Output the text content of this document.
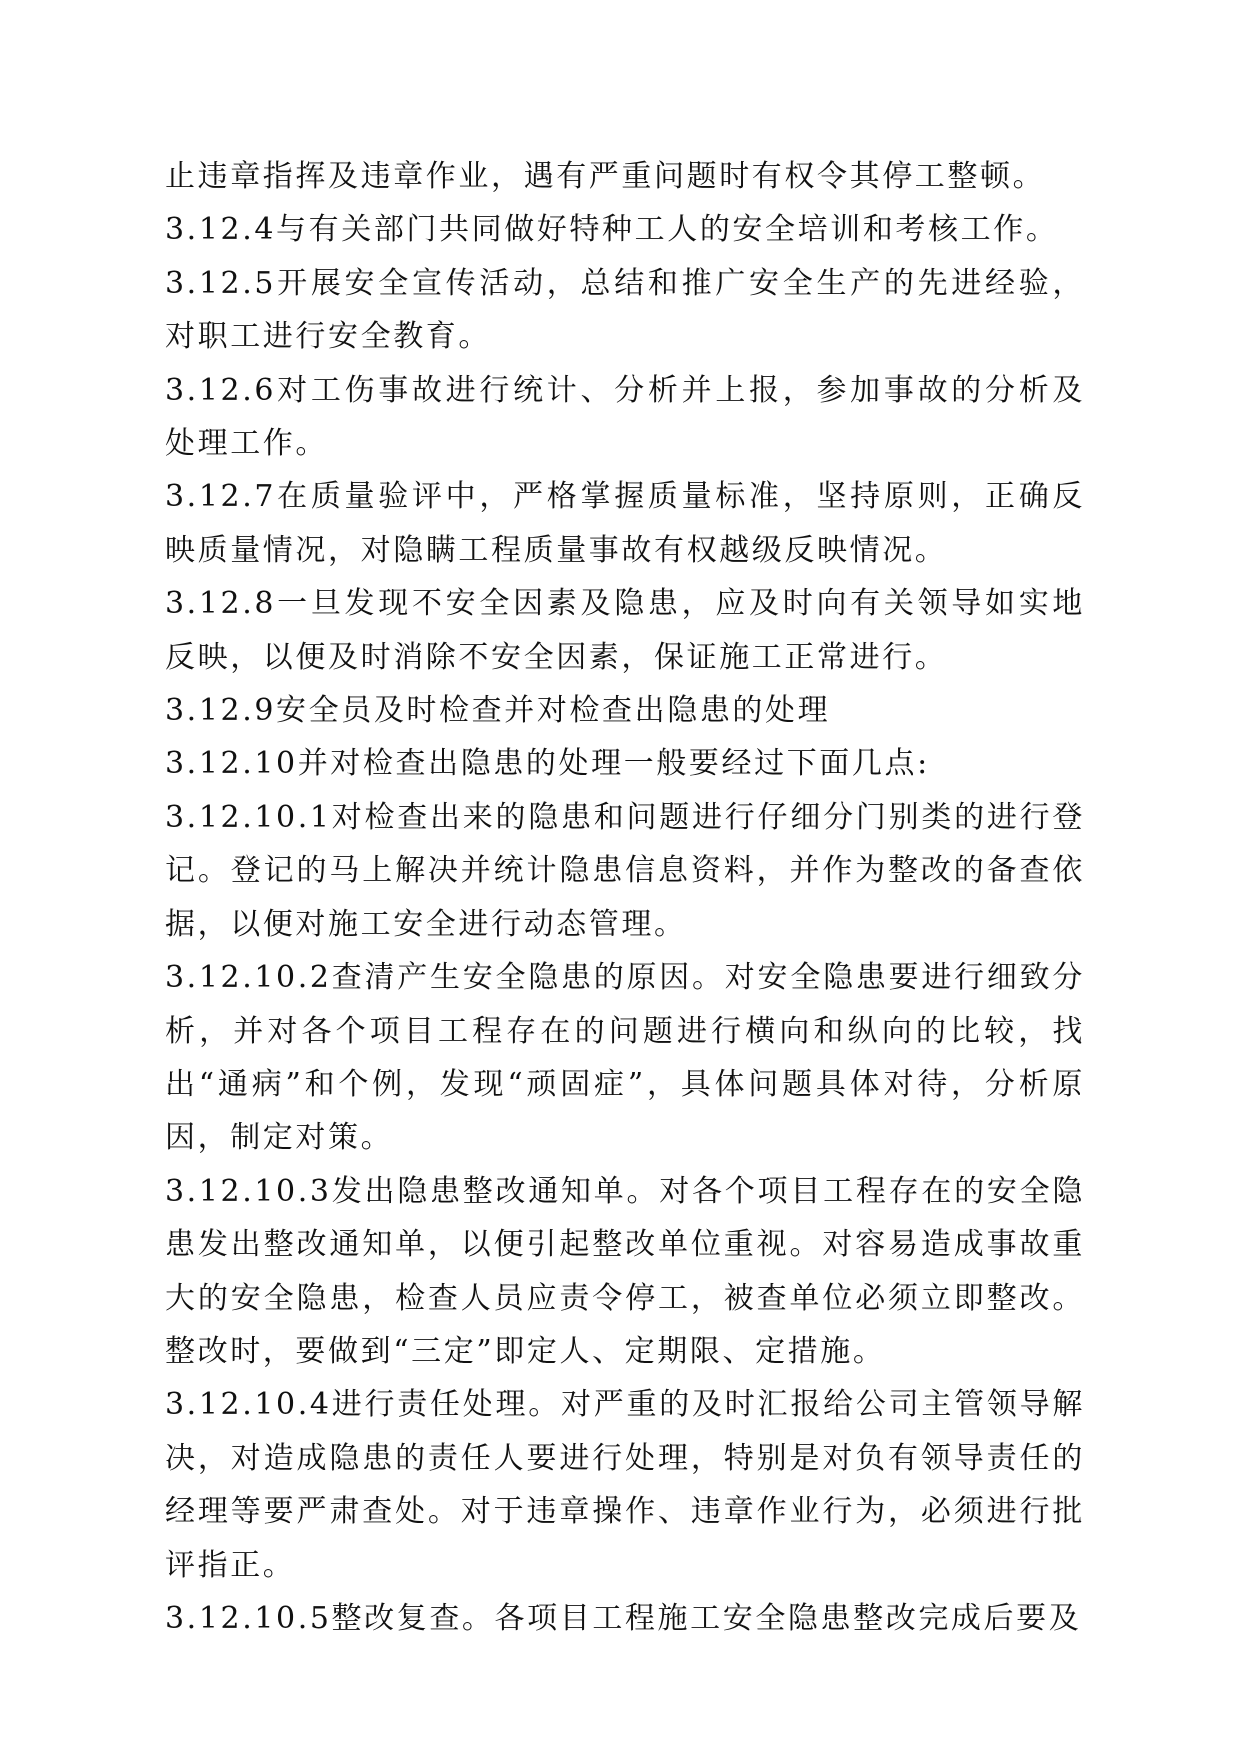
止违章指挥及违章作业，遇有严重问题时有权令其停工整顿。

3.12.4与有关部门共同做好特种工人的安全培训和考核工作。

3.12.5开展安全宣传活动，总结和推广安全生产的先进经验，对职工进行安全教育。

3.12.6对工伤事故进行统计、分析并上报，参加事故的分析及处理工作。

3.12.7在质量验评中，严格掌握质量标准，坚持原则，正确反映质量情况，对隐瞒工程质量事故有权越级反映情况。

3.12.8一旦发现不安全因素及隐患，应及时向有关领导如实地反映，以便及时消除不安全因素，保证施工正常进行。

3.12.9安全员及时检查并对检查出隐患的处理

3.12.10并对检查出隐患的处理一般要经过下面几点:

3.12.10.1对检查出来的隐患和问题进行仔细分门别类的进行登记。登记的马上解决并统计隐患信息资料，并作为整改的备查依据，以便对施工安全进行动态管理。

3.12.10.2查清产生安全隐患的原因。对安全隐患要进行细致分析，并对各个项目工程存在的问题进行横向和纵向的比较，找出“通病”和个例，发现“顽固症”，具体问题具体对待，分析原因，制定对策。

3.12.10.3发出隐患整改通知单。对各个项目工程存在的安全隐患发出整改通知单，以便引起整改单位重视。对容易造成事故重大的安全隐患，检查人员应责令停工，被查单位必须立即整改。整改时，要做到“三定”即定人、定期限、定措施。

3.12.10.4进行责任处理。对严重的及时汇报给公司主管领导解决，对造成隐患的责任人要进行处理，特别是对负有领导责任的经理等要严肃查处。对于违章操作、违章作业行为，必须进行批评指正。

3.12.10.5整改复查。各项目工程施工安全隐患整改完成后要及
